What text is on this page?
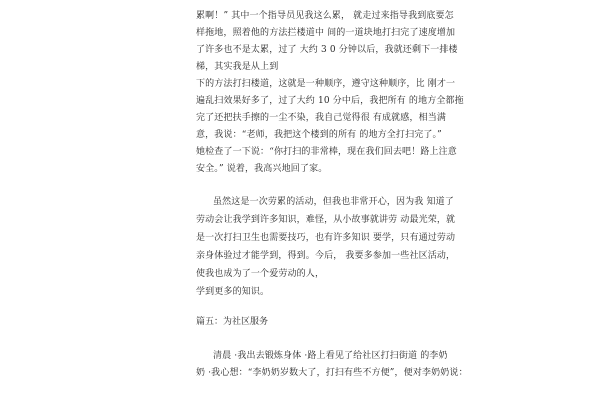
累啊！” 其中一个指导员见我这么累， 就走过来指导我到底要怎
样拖地，照着他的方法拦楼道中 间的一道块地打扫完了速度增加
了许多也不是太累，过了 大约 3 0 分钟以后，我就还剩下一排楼
梯，其实我是从上到
下的方法打扫楼道，这就是一种顺序，遵守这种顺序，比 刚才一
遍乱扫效果好多了，过了大约 10 分中后，我把所有 的地方全都拖
完了还把扶手擦的一尘不染，我自己觉得很 有成就感，相当满
意，我说：“老师，我把这个楼到的所有 的地方全打扫完了。”
她检查了一下说：“你打扫的非常棒，现在我们回去吧！路上注意
安全。” 说着，我高兴地回了家。
虽然这是一次劳累的活动，但我也非常开心，因为我 知道了
劳动会让我学到许多知识，难怪，从小故事就讲劳 动最光荣，就
是一次打扫卫生也需要技巧，也有许多知识 要学，只有通过劳动
亲身体验过才能学到，得到。今后， 我要多参加一些社区活动，
使我也成为了一个爱劳动的人，
学到更多的知识。
篇五：为社区服务
清晨 ·我出去锻炼身体 ·路上看见了给社区打扫街道 的李奶
奶 ·我心想：“李奶奶岁数大了，打扫有些不方便”，便对李奶奶说：
